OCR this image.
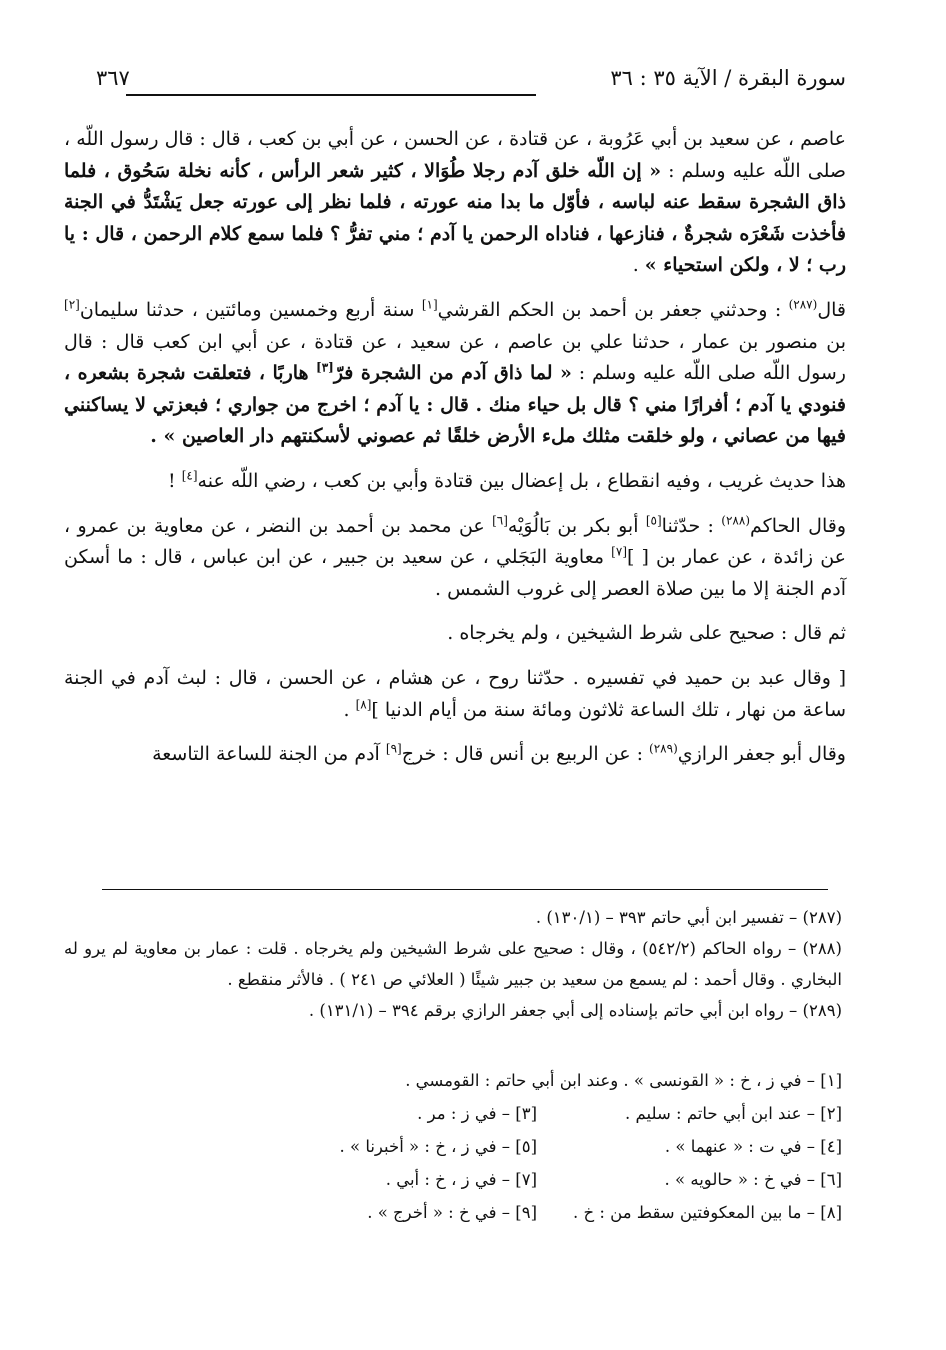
سورة البقرة / الآية ٣٥ : ٣٦
٣٦٧

عاصم ، عن سعيد بن أبي عَرُوبة ، عن قتادة ، عن الحسن ، عن أبي بن كعب ، قال : قال رسول اللّه ، صلى اللّه عليه وسلم : « إن اللّه خلق آدم رجلا طُوَالا ، كثير شعر الرأس ، كأنه نخلة سَحُوق ، فلما ذاق الشجرة سقط عنه لباسه ، فأوّل ما بدا منه عورته ، فلما نظر إلى عورته جعل يَشْتَدُّ في الجنة فأخذت شَعْرَه شجرةٌ ، فنازعها ، فناداه الرحمن يا آدم ؛ مني تفرُّ ؟ فلما سمع كلام الرحمن ، قال : يا رب ؛ لا ، ولكن استحياء » .

قال$^{(٢٨٧)}$ : وحدثني جعفر بن أحمد بن الحكم القرشي[١] سنة أربع وخمسين ومائتين ، حدثنا سليمان[٢] بن منصور بن عمار ، حدثنا علي بن عاصم ، عن سعيد ، عن قتادة ، عن أبي ابن كعب قال : قال رسول اللّه صلى اللّه عليه وسلم : « لما ذاق آدم من الشجرة فرّ[٣] هاربًا ، فتعلقت شجرة بشعره ، فنودي يا آدم ؛ أفرارًا مني ؟ قال بل حياء منك . قال : يا آدم ؛ اخرج من جواري ؛ فبعزتي لا يساكنني فيها من عصاني ، ولو خلقت مثلك ملء الأرض خلقًا ثم عصوني لأسكنتهم دار العاصين » .

هذا حديث غريب ، وفيه انقطاع ، بل إعضال بين قتادة وأبي بن كعب ، رضي اللّه عنه[٤] !

وقال الحاكم$^{(٢٨٨)}$ : حدّثنا[٥] أبو بكر بن بَالُوَيْه[٦] عن محمد بن أحمد بن النضر ، عن معاوية بن عمرو ، عن زائدة ، عن عمار بن [ ][٧] معاوية البَجَلي ، عن سعيد بن جبير ، عن ابن عباس ، قال : ما أسكن آدم الجنة إلا ما بين صلاة العصر إلى غروب الشمس .

ثم قال : صحيح على شرط الشيخين ، ولم يخرجاه .

[ وقال عبد بن حميد في تفسيره . حدّثنا روح ، عن هشام ، عن الحسن ، قال : لبث آدم في الجنة ساعة من نهار ، تلك الساعة ثلاثون ومائة سنة من أيام الدنيا ][٨] .

وقال أبو جعفر الرازي$^{(٢٨٩)}$ : عن الربيع بن أنس قال : خرج[٩] آدم من الجنة للساعة التاسعة

(٢٨٧) – تفسير ابن أبي حاتم ٣٩٣ – (١٣٠/١) .

(٢٨٨) – رواه الحاكم (٥٤٢/٢) ، وقال : صحيح على شرط الشيخين ولم يخرجاه . قلت : عمار بن معاوية لم يرو له البخاري . وقال أحمد : لم يسمع من سعيد بن جبير شيئًا ( العلائي ص ٢٤١ ) . فالأثر منقطع .

(٢٨٩) – رواه ابن أبي حاتم بإسناده إلى أبي جعفر الرازي برقم ٣٩٤ – (١٣١/١) .

[١] – في ز ، خ : « القونسى » . وعند ابن أبي حاتم : القومسي .
[٢] – عند ابن أبي حاتم : سليم .
[٣] – في ز : مر .
[٤] – في ت : « عنهما » .
[٥] – في ز ، خ : « أخبرنا » .
[٦] – في خ : « حالويه » .
[٧] – في ز ، خ : أبي .
[٨] – ما بين المعكوفتين سقط من : خ .
[٩] – في خ : « أخرج » .
